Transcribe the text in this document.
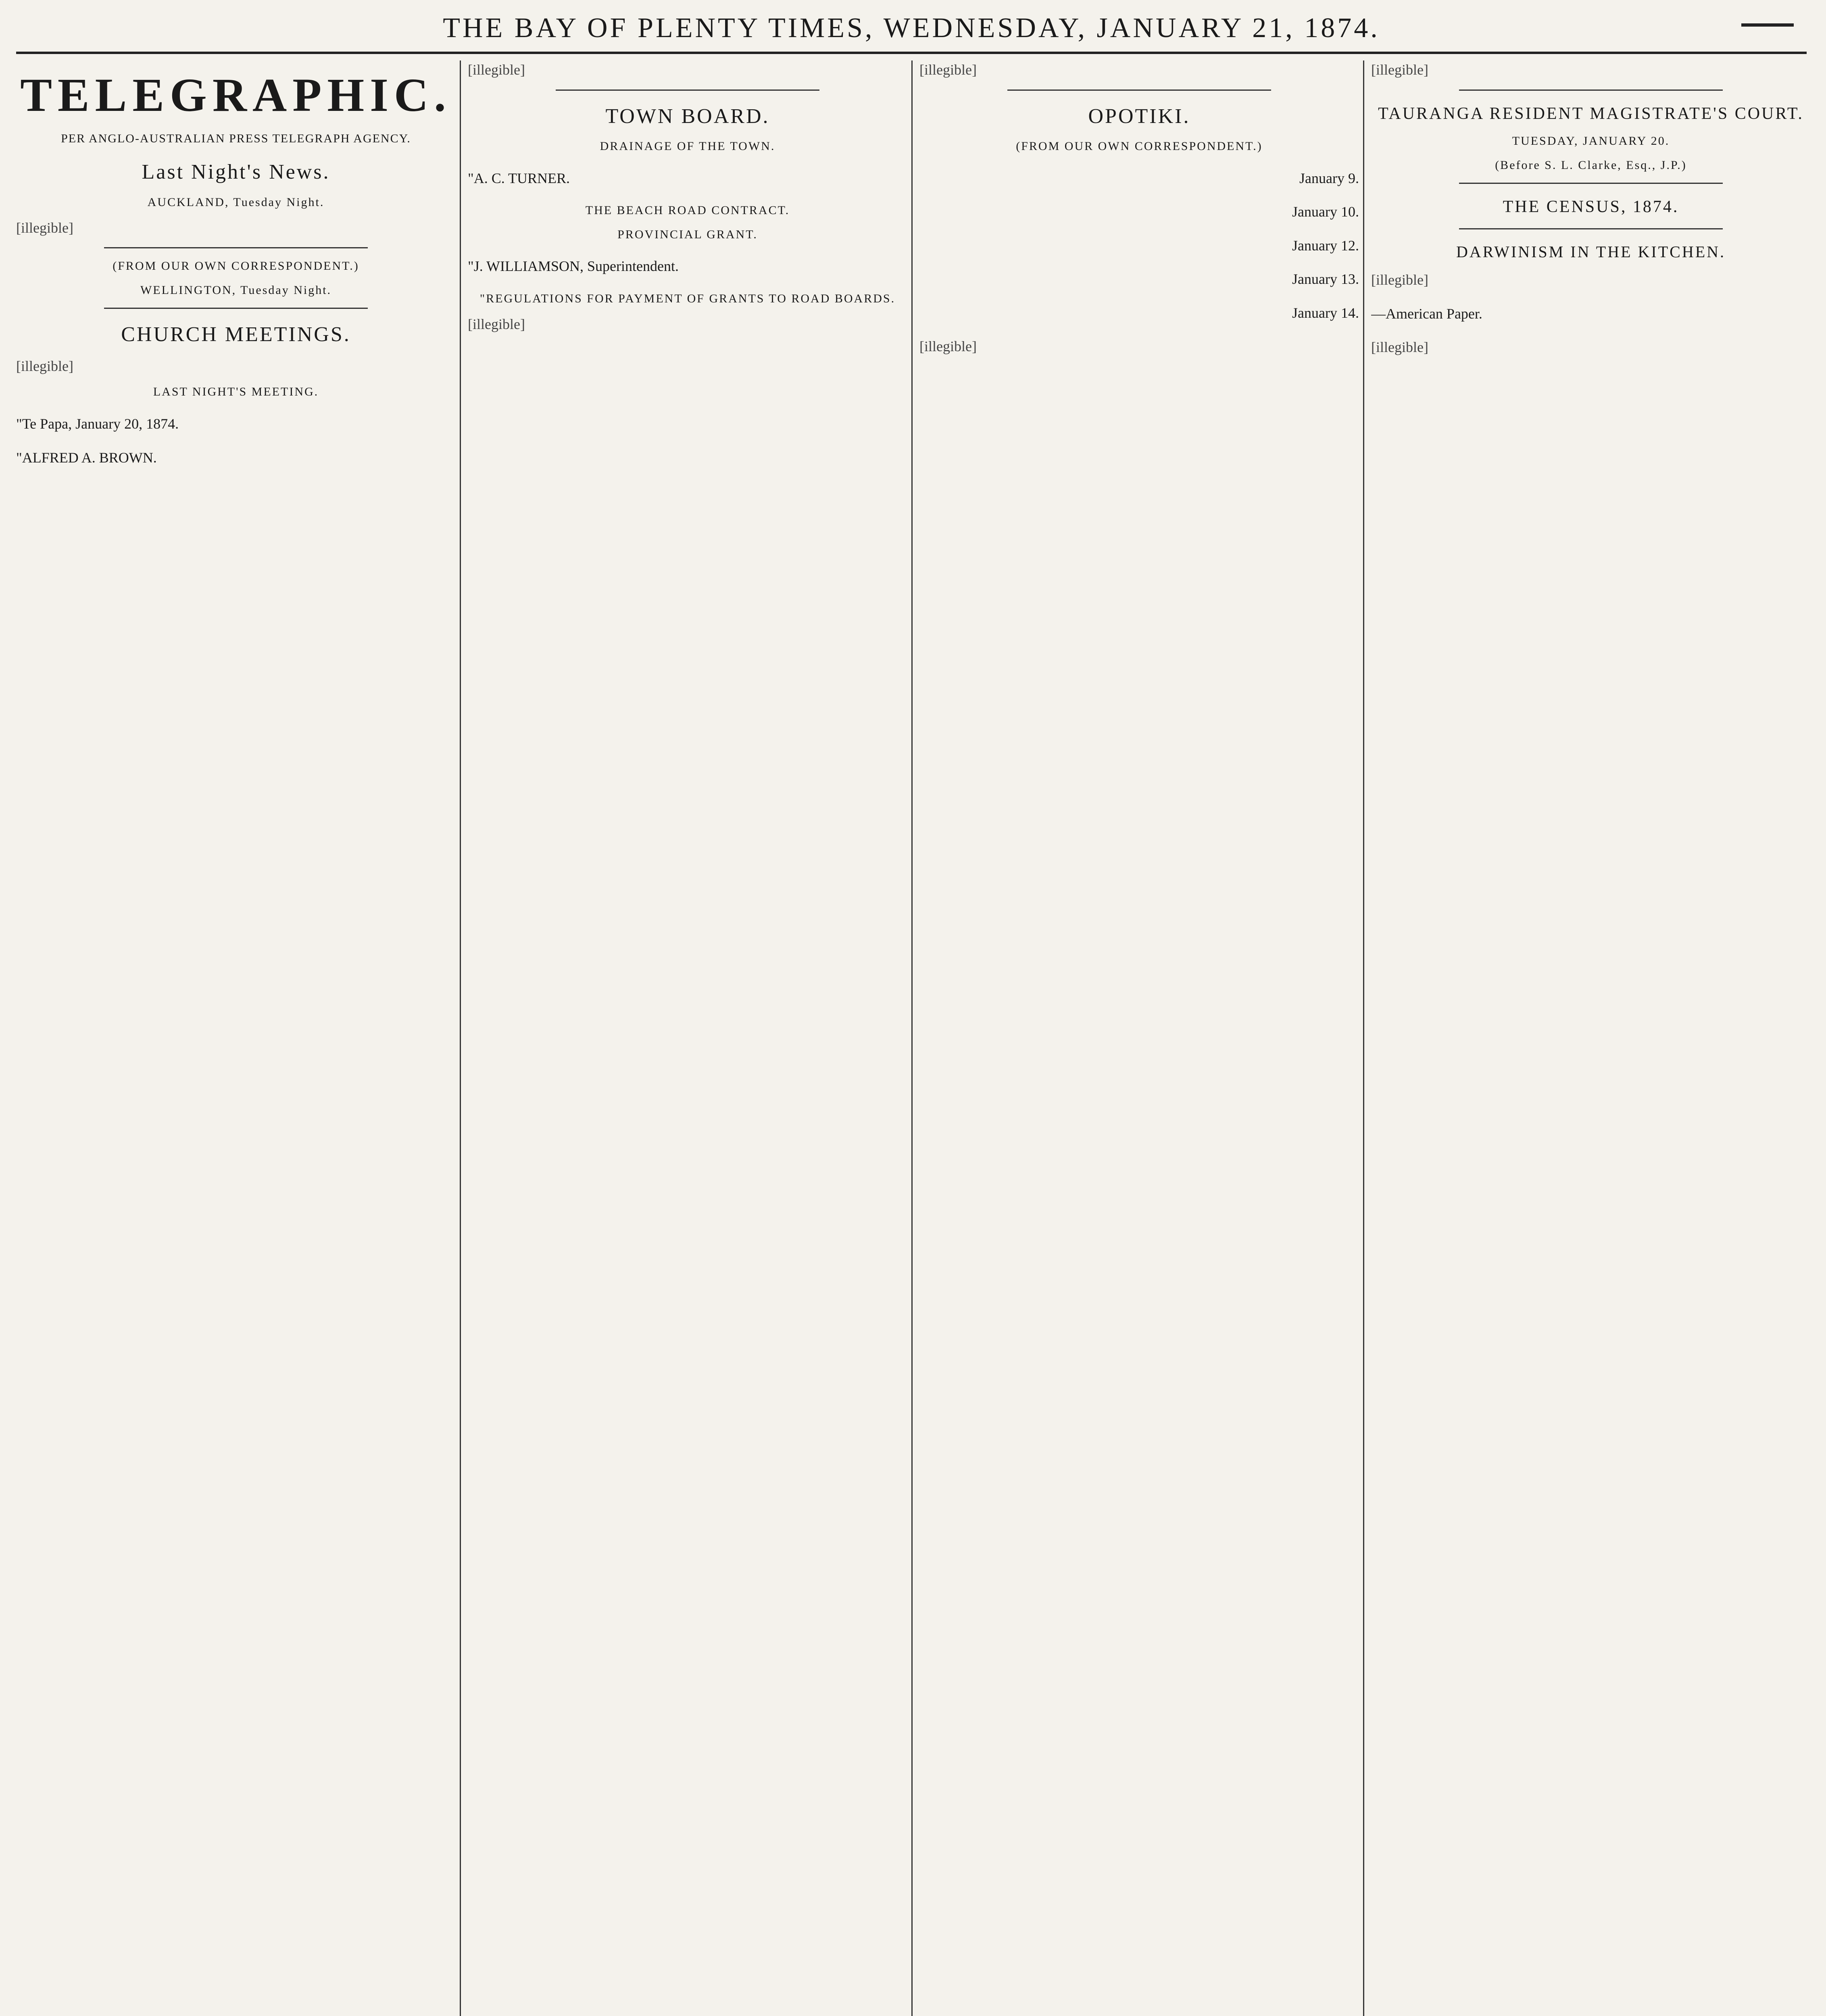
THE BAY OF PLENTY TIMES, WEDNESDAY, JANUARY 21, 1874.
TELEGRAPHIC.
PER ANGLO-AUSTRALIAN PRESS TELEGRAPH AGENCY.
Last Night's News.
AUCKLAND, Tuesday Night.

[illegible]

(FROM OUR OWN CORRESPONDENT.)
WELLINGTON, Tuesday Night.
CHURCH MEETINGS.

[illegible]

LAST NIGHT'S MEETING.

"Te Papa, January 20, 1874.

"ALFRED A. BROWN.

[illegible]

TOWN BOARD.
DRAINAGE OF THE TOWN.

"A. C. TURNER.

THE BEACH ROAD CONTRACT.
PROVINCIAL GRANT.

"J. WILLIAMSON, Superintendent.

"REGULATIONS FOR PAYMENT OF GRANTS TO ROAD BOARDS.

[illegible]

[illegible]

OPOTIKI.
(FROM OUR OWN CORRESPONDENT.)

January 9.

January 10.

January 12.

January 13.

January 14.

[illegible]

[illegible]

TAURANGA RESIDENT MAGISTRATE'S COURT.
TUESDAY, JANUARY 20.
(Before S. L. Clarke, Esq., J.P.)
THE CENSUS, 1874.
DARWINISM IN THE KITCHEN.

[illegible]

—American Paper.

[illegible]
